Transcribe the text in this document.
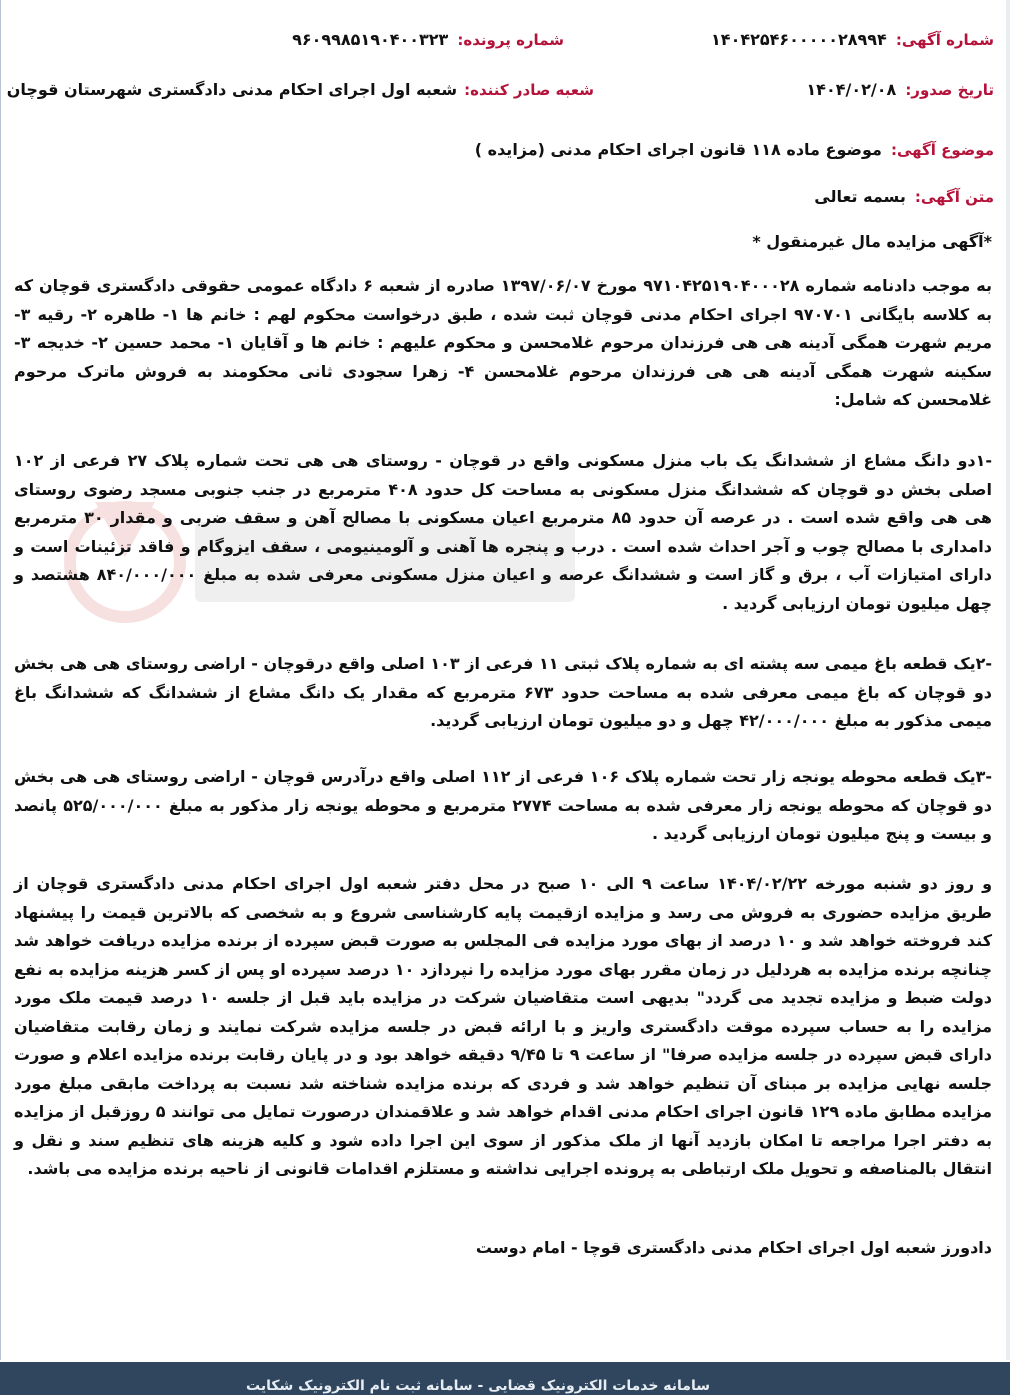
شماره آگهی: ۱۴۰۴۲۵۴۶۰۰۰۰۰۲۸۹۹۴
شماره پرونده: ۹۶۰۹۹۸۵۱۹۰۴۰۰۳۲۳
تاریخ صدور: ۱۴۰۴/۰۲/۰۸
شعبه صادر کننده: شعبه اول اجرای احکام مدنی دادگستری شهرستان قوچان
موضوع آگهی: موضوع ماده ۱۱۸ قانون اجرای احکام مدنی (مزایده )
متن آگهی: بسمه تعالی
*آگهی مزایده مال غیرمنقول *
به موجب دادنامه شماره ۹۷۱۰۴۲۵۱۹۰۴۰۰۰۲۸ مورخ ۱۳۹۷/۰۶/۰۷ صادره از شعبه ۶ دادگاه عمومی حقوقی دادگستری قوچان که به کلاسه بایگانی ۹۷۰۷۰۱ اجرای احکام مدنی قوچان ثبت شده ، طبق درخواست محکوم لهم : خانم ها ۱- طاهره ۲- رقیه ۳- مریم شهرت همگی آدینه هی هی فرزندان مرحوم غلامحسن و محکوم علیهم : خانم ها و آقایان ۱- محمد حسین ۲- خدیجه ۳- سکینه شهرت همگی آدینه هی هی فرزندان مرحوم غلامحسن ۴- زهرا سجودی ثانی محکومند به فروش ماترک مرحوم غلامحسن که شامل:
-۱دو دانگ مشاع از ششدانگ یک باب منزل مسکونی واقع در قوچان - روستای هی هی تحت شماره پلاک ۲۷ فرعی از ۱۰۲ اصلی بخش دو قوچان که ششدانگ منزل مسکونی به مساحت کل حدود ۴۰۸ مترمربع در جنب جنوبی مسجد رضوی روستای هی هی واقع شده است . در عرصه آن حدود ۸۵ مترمربع اعیان مسکونی با مصالح آهن و سقف ضربی و مقدار ۳۰ مترمربع دامداری با مصالح چوب و آجر احداث شده است . درب و پنجره ها آهنی و آلومینیومی ، سقف ایزوگام و فاقد تزئینات است و دارای امتیازات آب ، برق و گاز است و ششدانگ عرصه و اعیان منزل مسکونی معرفی شده به مبلغ ۸۴۰/۰۰۰/۰۰۰ هشتصد و چهل میلیون تومان ارزیابی گردید .
-۲یک قطعه باغ میمی سه پشته ای به شماره پلاک ثبتی ۱۱ فرعی از ۱۰۳ اصلی واقع درقوچان - اراضی روستای هی هی بخش دو قوچان که باغ میمی معرفی شده به مساحت حدود ۶۷۳ مترمربع که مقدار یک دانگ مشاع از ششدانگ که ششدانگ باغ میمی مذکور به مبلغ ۴۲/۰۰۰/۰۰۰ چهل و دو میلیون تومان ارزیابی گردید.
-۳یک قطعه محوطه یونجه زار تحت شماره پلاک ۱۰۶ فرعی از ۱۱۲ اصلی واقع درآدرس قوچان - اراضی روستای هی هی بخش دو قوچان که محوطه یونجه زار معرفی شده به مساحت ۲۷۷۴ مترمربع و محوطه یونجه زار مذکور به مبلغ ۵۲۵/۰۰۰/۰۰۰ پانصد و بیست و پنج میلیون تومان ارزیابی گردید .
و روز دو شنبه مورخه ۱۴۰۴/۰۲/۲۲ ساعت ۹ الی ۱۰ صبح در محل دفتر شعبه اول اجرای احکام مدنی دادگستری قوچان از طریق مزایده حضوری به فروش می رسد و مزایده ازقیمت پایه کارشناسی شروع و به شخصی که بالاترین قیمت را پیشنهاد کند فروخته خواهد شد و ۱۰ درصد از بهای مورد مزایده فی المجلس به صورت قبض سپرده از برنده مزایده دریافت خواهد شد چنانچه برنده مزایده به هردلیل در زمان مقرر بهای مورد مزایده را نپردازد ۱۰ درصد سپرده او پس از کسر هزینه مزایده به نفع دولت ضبط و مزایده تجدید می گردد" بدیهی است متقاضیان شرکت در مزایده باید قبل از جلسه ۱۰ درصد قیمت ملک مورد مزایده را به حساب سپرده موقت دادگستری واریز و با ارائه قبض در جلسه مزایده شرکت نمایند و زمان رقابت متقاضیان دارای قبض سپرده در جلسه مزایده صرفا" از ساعت ۹ تا ۹/۴۵ دقیقه خواهد بود و در پایان رقابت برنده مزایده اعلام و صورت جلسه نهایی مزایده بر مبنای آن تنظیم خواهد شد و فردی که برنده مزایده شناخته شد نسبت به پرداخت مابقی مبلغ مورد مزایده مطابق ماده ۱۲۹ قانون اجرای احکام مدنی اقدام خواهد شد و علاقمندان درصورت تمایل می توانند ۵ روزقبل از مزایده به دفتر اجرا مراجعه تا امکان بازدید آنها از ملک مذکور از سوی این اجرا داده شود و کلیه هزینه های تنظیم سند و نقل و انتقال بالمناصفه و تحویل ملک ارتباطی به پرونده اجرایی نداشته و مستلزم اقدامات قانونی از ناحیه برنده مزایده می باشد.
دادورز شعبه اول اجرای احکام مدنی دادگستری قوچا - امام دوست
سامانه خدمات الکترونیک قضایی - سامانه ثبت نام الکترونیک شکایت
